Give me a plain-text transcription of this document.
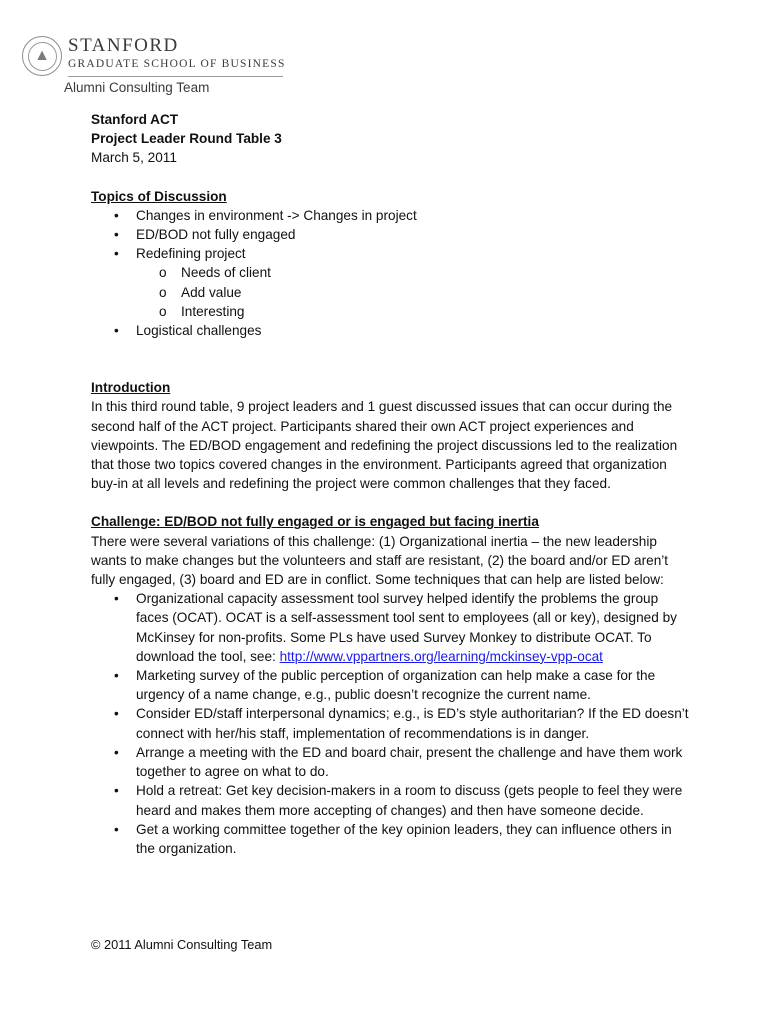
▲ STANFORD
GRADUATE SCHOOL OF BUSINESS
Alumni Consulting Team

Stanford ACT

Project Leader Round Table 3

March 5, 2011

Topics of Discussion

• Changes in environment -> Changes in project
• ED/BOD not fully engaged
• Redefining project
o Needs of client
o Add value
o Interesting
• Logistical challenges

Introduction

In this third round table, 9 project leaders and 1 guest discussed issues that can occur during the second half of the ACT project. Participants shared their own ACT project experiences and viewpoints. The ED/BOD engagement and redefining the project discussions led to the realization that those two topics covered changes in the environment. Participants agreed that organization buy-in at all levels and redefining the project were common challenges that they faced.

Challenge: ED/BOD not fully engaged or is engaged but facing inertia

There were several variations of this challenge: (1) Organizational inertia – the new leadership wants to make changes but the volunteers and staff are resistant, (2) the board and/or ED aren’t fully engaged, (3) board and ED are in conflict. Some techniques that can help are listed below:

• Organizational capacity assessment tool survey helped identify the problems the group faces (OCAT). OCAT is a self-assessment tool sent to employees (all or key), designed by McKinsey for non-profits. Some PLs have used Survey Monkey to distribute OCAT. To download the tool, see: http://www.vppartners.org/learning/mckinsey-vpp-ocat
• Marketing survey of the public perception of organization can help make a case for the urgency of a name change, e.g., public doesn’t recognize the current name.
• Consider ED/staff interpersonal dynamics; e.g., is ED’s style authoritarian? If the ED doesn’t connect with her/his staff, implementation of recommendations is in danger.
• Arrange a meeting with the ED and board chair, present the challenge and have them work together to agree on what to do.
• Hold a retreat: Get key decision-makers in a room to discuss (gets people to feel they were heard and makes them more accepting of changes) and then have someone decide.
• Get a working committee together of the key opinion leaders, they can influence others in the organization.
© 2011 Alumni Consulting Team
